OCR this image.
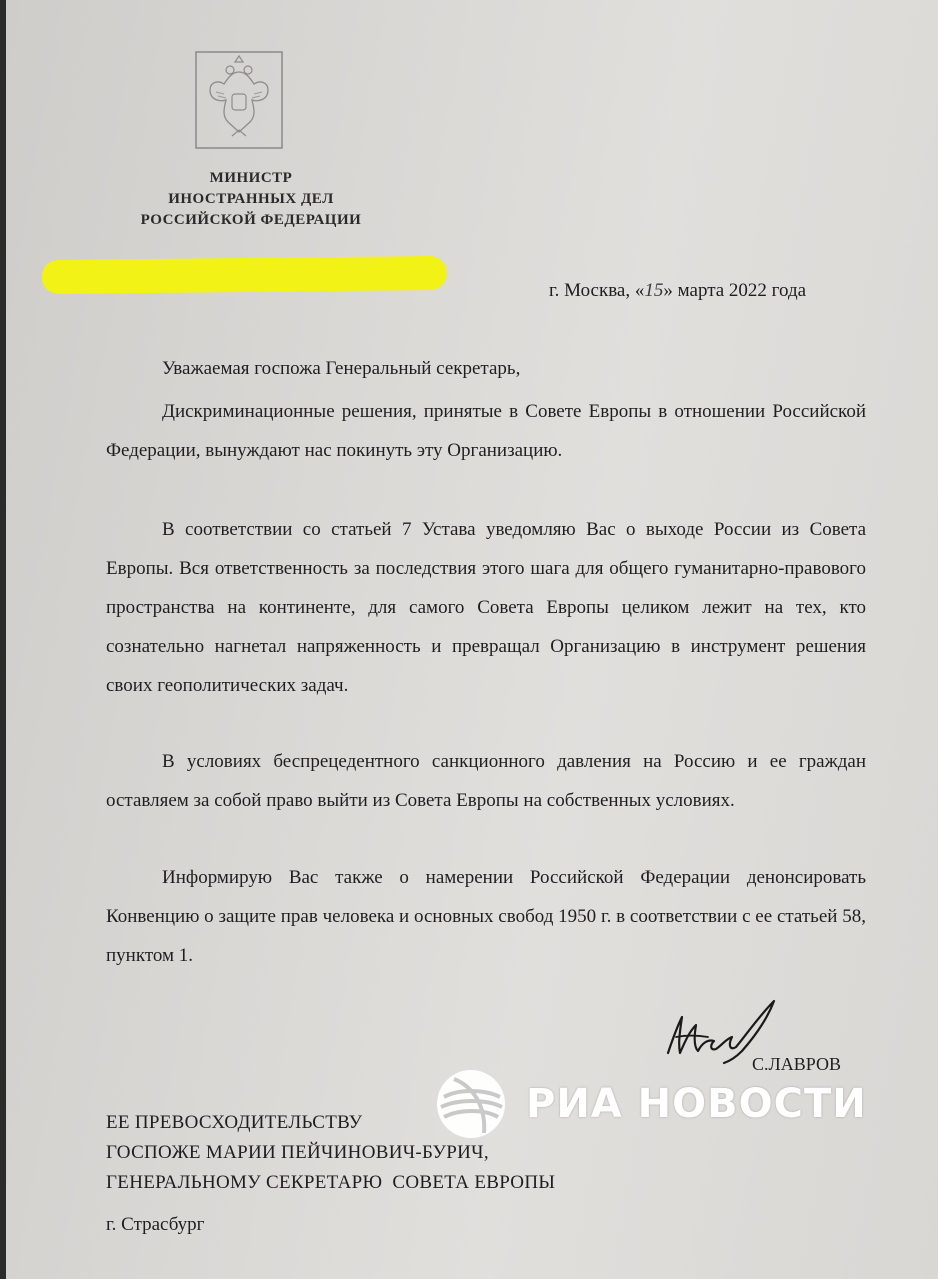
МИНИСТР
ИНОСТРАННЫХ ДЕЛ
РОССИЙСКОЙ ФЕДЕРАЦИИ
г. Москва, «15» марта 2022 года
Уважаемая госпожа Генеральный секретарь,
Дискриминационные решения, принятые в Совете Европы в отношении Российской Федерации, вынуждают нас покинуть эту Организацию.
В соответствии со статьей 7 Устава уведомляю Вас о выходе России из Совета Европы. Вся ответственность за последствия этого шага для общего гуманитарно-правового пространства на континенте, для самого Совета Европы целиком лежит на тех, кто сознательно нагнетал напряженность и превращал Организацию в инструмент решения своих геополитических задач.
В условиях беспрецедентного санкционного давления на Россию и ее граждан оставляем за собой право выйти из Совета Европы на собственных условиях.
Информирую Вас также о намерении Российской Федерации денонсировать Конвенцию о защите прав человека и основных свобод 1950 г. в соответствии с ее статьей 58, пунктом 1.
С.ЛАВРОВ
РИА НОВОСТИ
ЕЕ ПРЕВОСХОДИТЕЛЬСТВУ
ГОСПОЖЕ МАРИИ ПЕЙЧИНОВИЧ-БУРИЧ,
ГЕНЕРАЛЬНОМУ СЕКРЕТАРЮ  СОВЕТА ЕВРОПЫ
г. Страсбург
